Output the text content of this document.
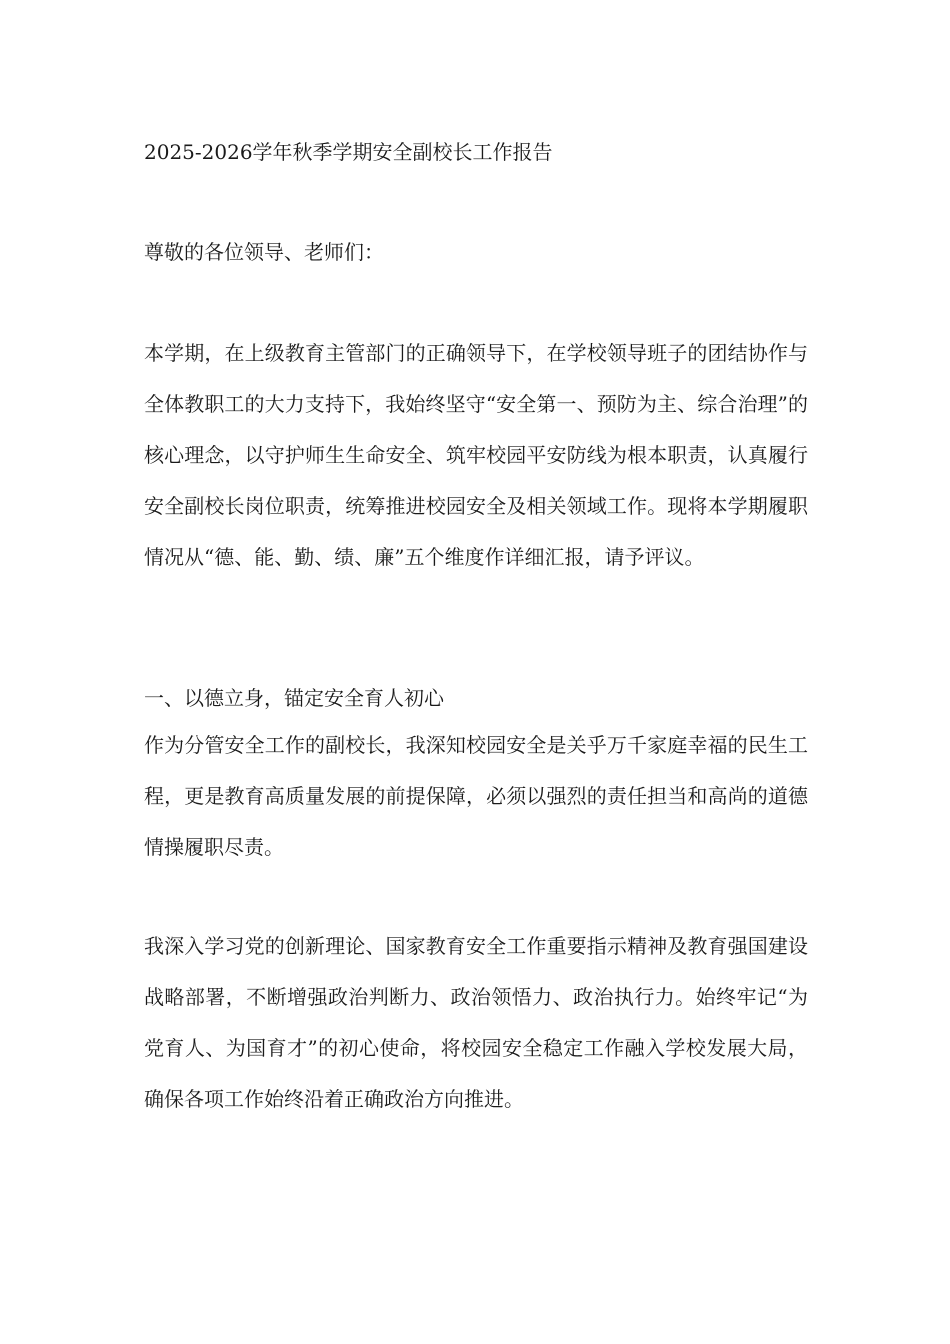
2025-2026学年秋季学期安全副校长工作报告
尊敬的各位领导、老师们：

本学期，在上级教育主管部门的正确领导下，在学校领导班子的团结协作与全体教职工的大力支持下，我始终坚守“安全第一、预防为主、综合治理”的核心理念，以守护师生生命安全、筑牢校园平安防线为根本职责，认真履行安全副校长岗位职责，统筹推进校园安全及相关领域工作。现将本学期履职情况从“德、能、勤、绩、廉”五个维度作详细汇报，请予评议。

一、以德立身，锚定安全育人初心

作为分管安全工作的副校长，我深知校园安全是关乎万千家庭幸福的民生工程，更是教育高质量发展的前提保障，必须以强烈的责任担当和高尚的道德情操履职尽责。

我深入学习党的创新理论、国家教育安全工作重要指示精神及教育强国建设战略部署，不断增强政治判断力、政治领悟力、政治执行力。始终牢记“为党育人、为国育才”的初心使命，将校园安全稳定工作融入学校发展大局，确保各项工作始终沿着正确政治方向推进。
